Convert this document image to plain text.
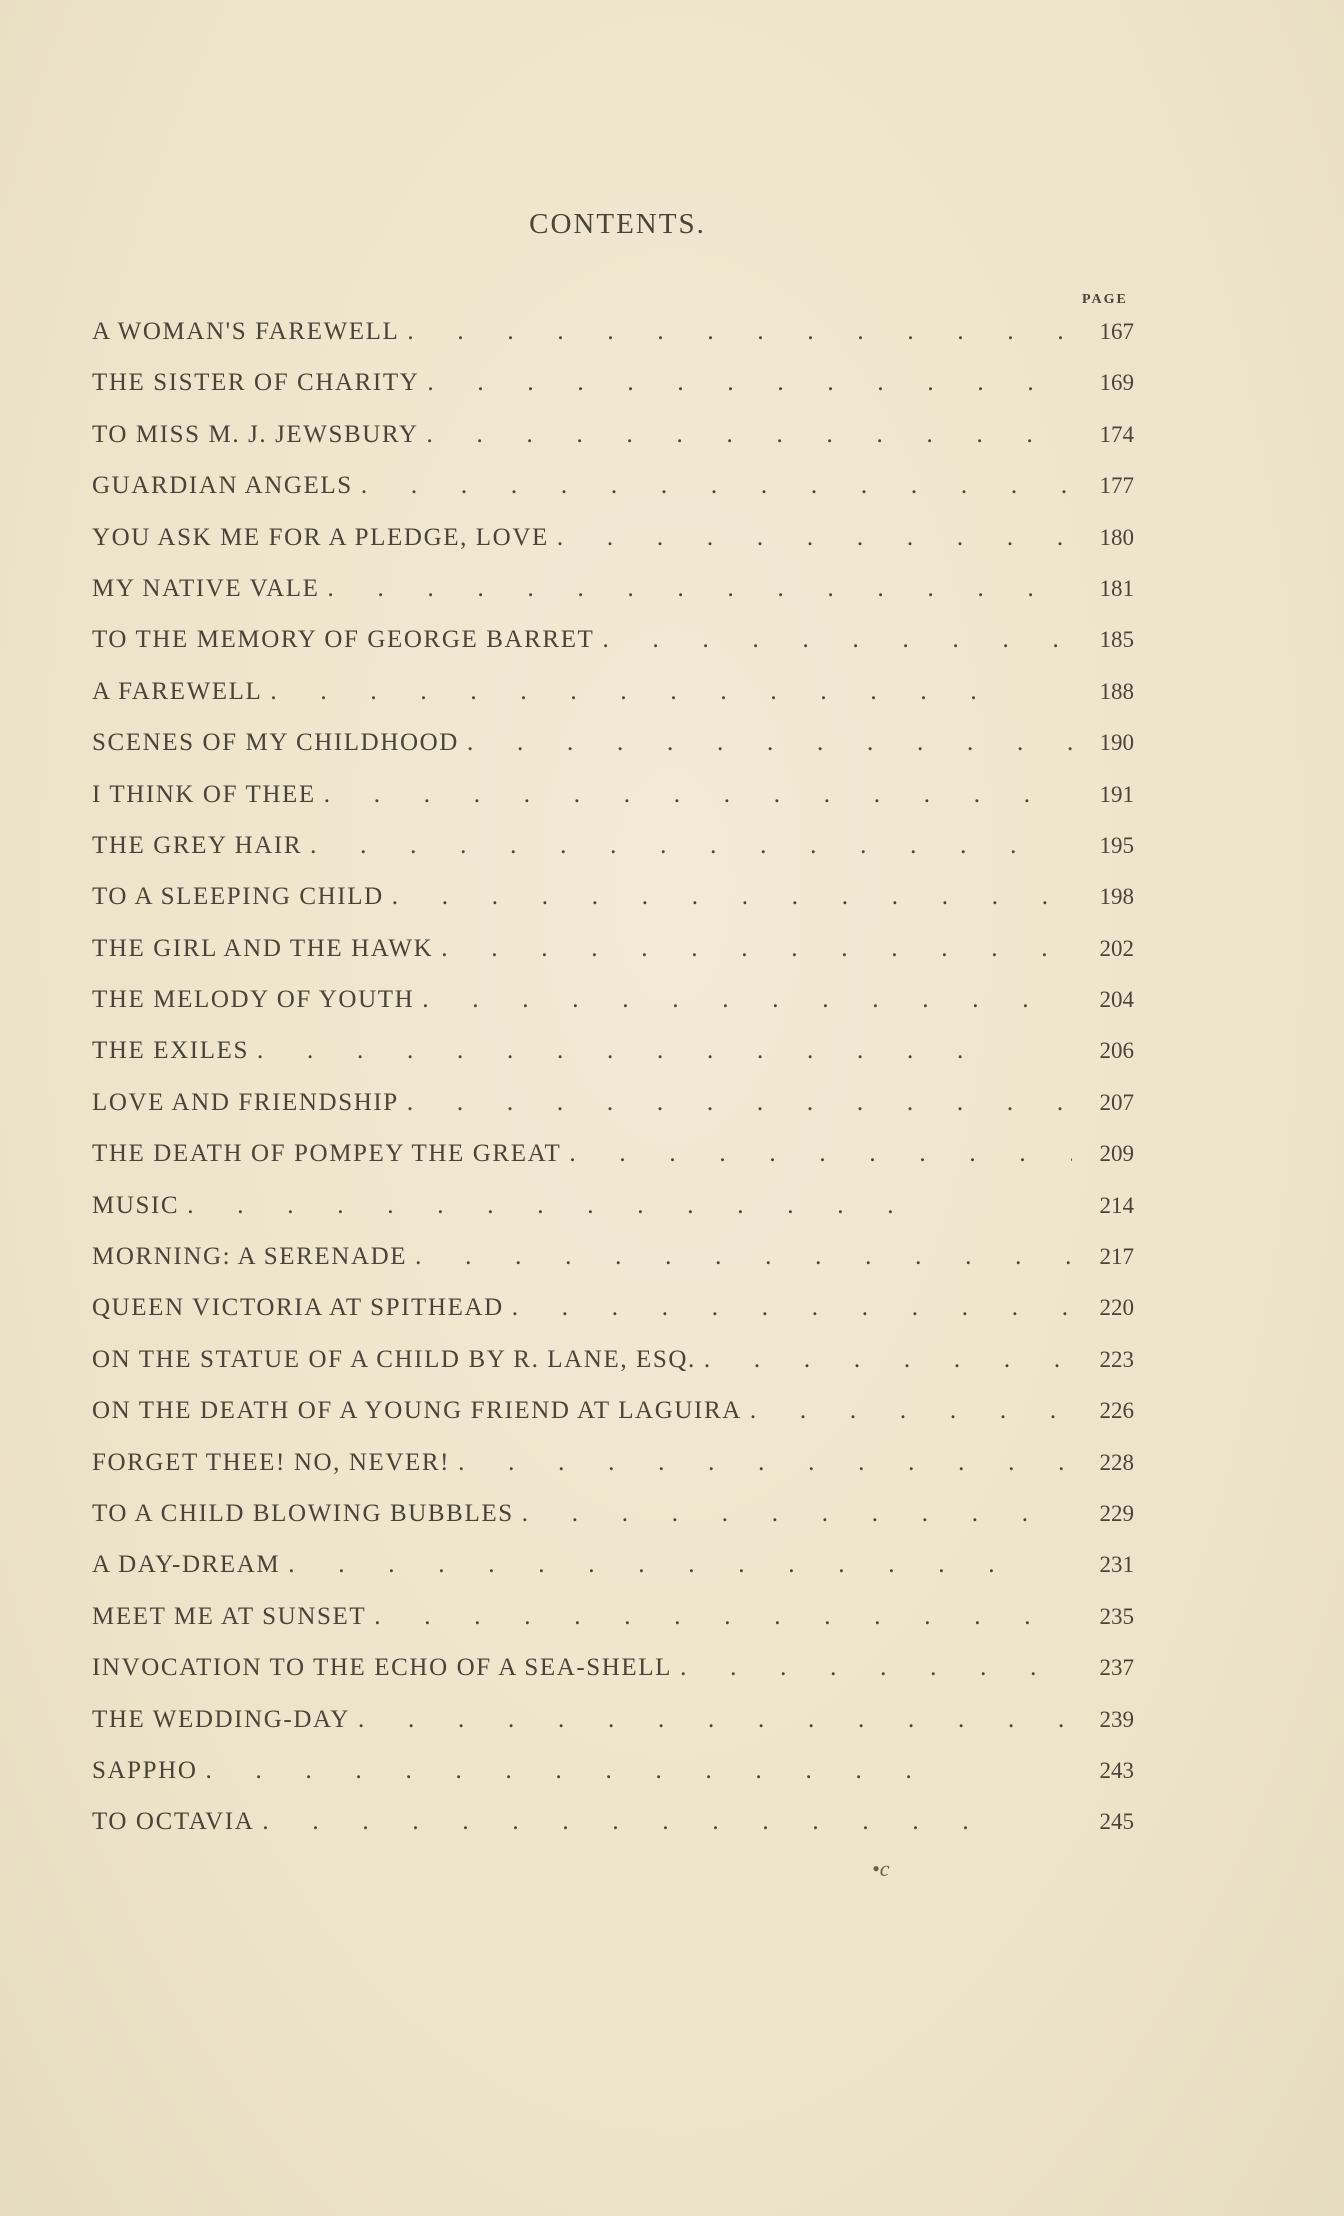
CONTENTS.
PAGE
A WOMAN'S FAREWELL .	167
THE SISTER OF CHARITY .	169
TO MISS M. J. JEWSBURY .	174
GUARDIAN ANGELS .	177
YOU ASK ME FOR A PLEDGE, LOVE .	180
MY NATIVE VALE .	181
TO THE MEMORY OF GEORGE BARRET .	185
A FAREWELL .	188
SCENES OF MY CHILDHOOD .	190
I THINK OF THEE .	191
THE GREY HAIR .	195
TO A SLEEPING CHILD .	198
THE GIRL AND THE HAWK .	202
THE MELODY OF YOUTH .	204
THE EXILES .	206
LOVE AND FRIENDSHIP .	207
THE DEATH OF POMPEY THE GREAT .	209
MUSIC .	214
MORNING: A SERENADE .	217
QUEEN VICTORIA AT SPITHEAD .	220
ON THE STATUE OF A CHILD BY R. LANE, ESQ. .	223
ON THE DEATH OF A YOUNG FRIEND AT LAGUIRA .	226
FORGET THEE! NO, NEVER! .	228
TO A CHILD BLOWING BUBBLES .	229
A DAY-DREAM .	231
MEET ME AT SUNSET .	235
INVOCATION TO THE ECHO OF A SEA-SHELL .	237
THE WEDDING-DAY .	239
SAPPHO .	243
TO OCTAVIA .	245
•c
